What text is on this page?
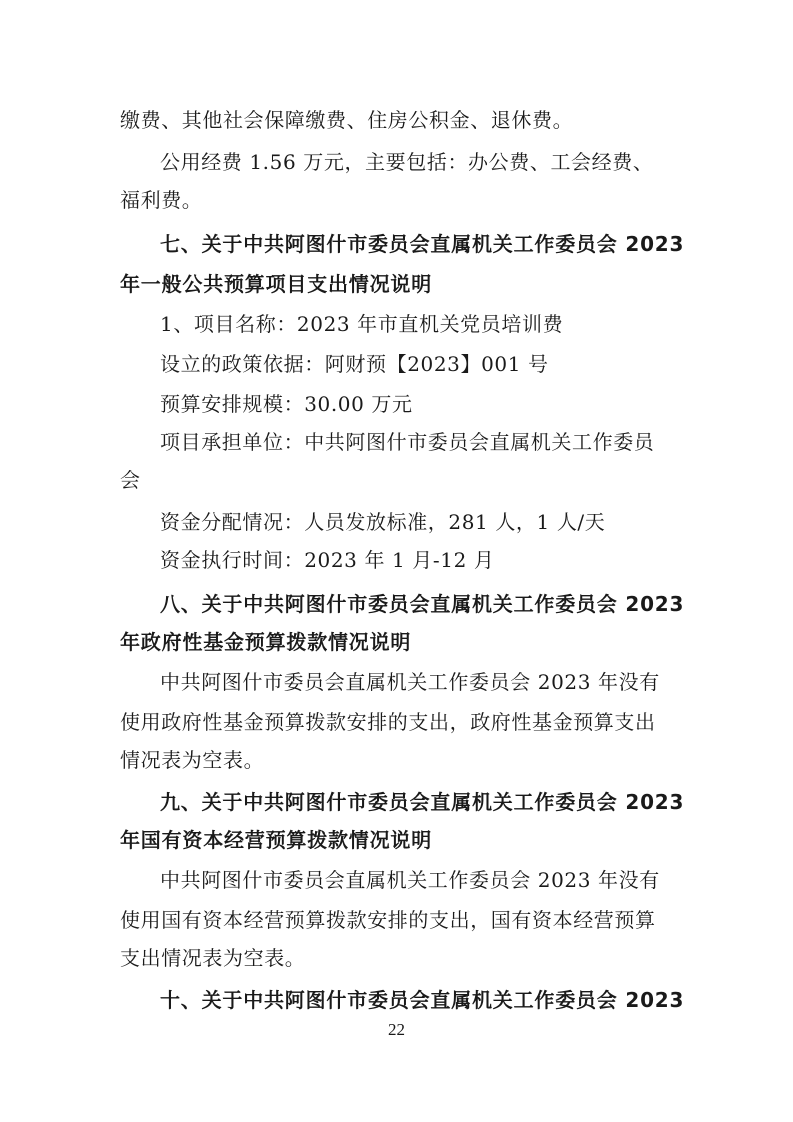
缴费、其他社会保障缴费、住房公积金、退休费。
公用经费 1.56 万元，主要包括：办公费、工会经费、
福利费。
七、关于中共阿图什市委员会直属机关工作委员会 2023
年一般公共预算项目支出情况说明
1、项目名称：2023 年市直机关党员培训费
设立的政策依据：阿财预【2023】001 号
预算安排规模：30.00 万元
项目承担单位：中共阿图什市委员会直属机关工作委员
会
资金分配情况：人员发放标准，281 人，1 人/天
资金执行时间：2023 年 1 月-12 月
八、关于中共阿图什市委员会直属机关工作委员会 2023
年政府性基金预算拨款情况说明
中共阿图什市委员会直属机关工作委员会 2023 年没有
使用政府性基金预算拨款安排的支出，政府性基金预算支出
情况表为空表。
九、关于中共阿图什市委员会直属机关工作委员会 2023
年国有资本经营预算拨款情况说明
中共阿图什市委员会直属机关工作委员会 2023 年没有
使用国有资本经营预算拨款安排的支出，国有资本经营预算
支出情况表为空表。
十、关于中共阿图什市委员会直属机关工作委员会 2023
22
